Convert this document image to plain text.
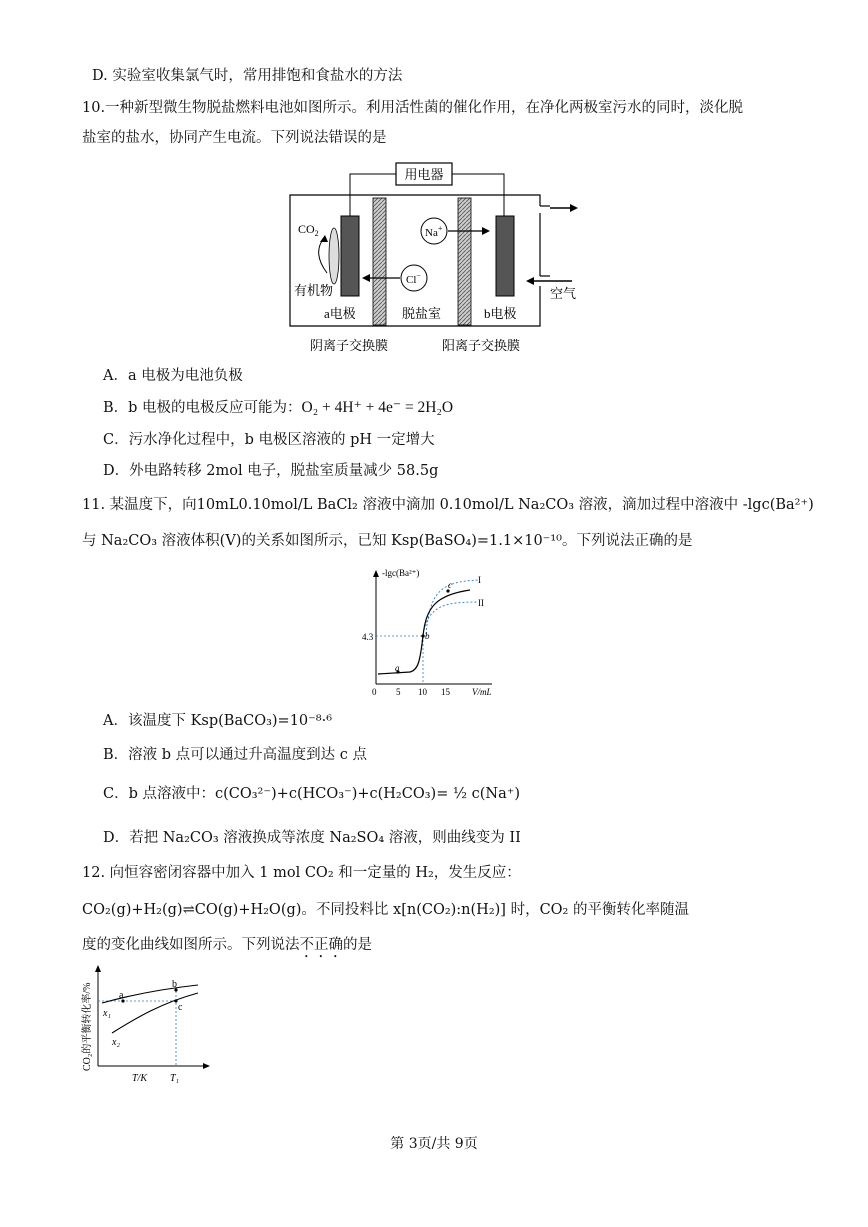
D. 实验室收集氯气时，常用排饱和食盐水的方法
10.一种新型微生物脱盐燃料电池如图所示。利用活性菌的催化作用，在净化两极室污水的同时，淡化脱
盐室的盐水，协同产生电流。下列说法错误的是
用电器
空气
$CO_2$
有机物
Na+
Cl−
a电极	脱盐室	b电极
阴离子交换膜	阳离子交换膜
A．a 电极为电池负极
B．b 电极的电极反应可能为：O₂ + 4H⁺ + 4e⁻ = 2H₂O
C．污水净化过程中，b 电极区溶液的 pH 一定增大
D．外电路转移 2mol 电子，脱盐室质量减少 58.5g
11. 某温度下，向10mL0.10mol/L BaCl₂ 溶液中滴加 0.10mol/L Na₂CO₃ 溶液，滴加过程中溶液中 -lgc(Ba²⁺)
与 Na₂CO₃ 溶液体积(V)的关系如图所示，已知 Ksp(BaSO₄)=1.1×10⁻¹⁰。下列说法正确的是
-lgc(Ba²⁺)
V/mL
4.3
0 5 10 15
I
II
a
b
c
A．该温度下 Ksp(BaCO₃)=10⁻⁸·⁶
B．溶液 b 点可以通过升高温度到达 c 点
C．b 点溶液中：c(CO₃²⁻)+c(HCO₃⁻)+c(H₂CO₃)= ½ c(Na⁺)
D．若把 Na₂CO₃ 溶液换成等浓度 Na₂SO₄ 溶液，则曲线变为 II
12. 向恒容密闭容器中加入 1 mol CO₂ 和一定量的 H₂，发生反应：
CO₂(g)+H₂(g)⇌CO(g)+H₂O(g)。不同投料比 x[n(CO₂):n(H₂)] 时，CO₂ 的平衡转化率随温
度的变化曲线如图所示。下列说法不正确的是
CO₂的平衡转化率/%
T/K T₁
x₁
x₂
a
b
c
第 3页/共 9页
